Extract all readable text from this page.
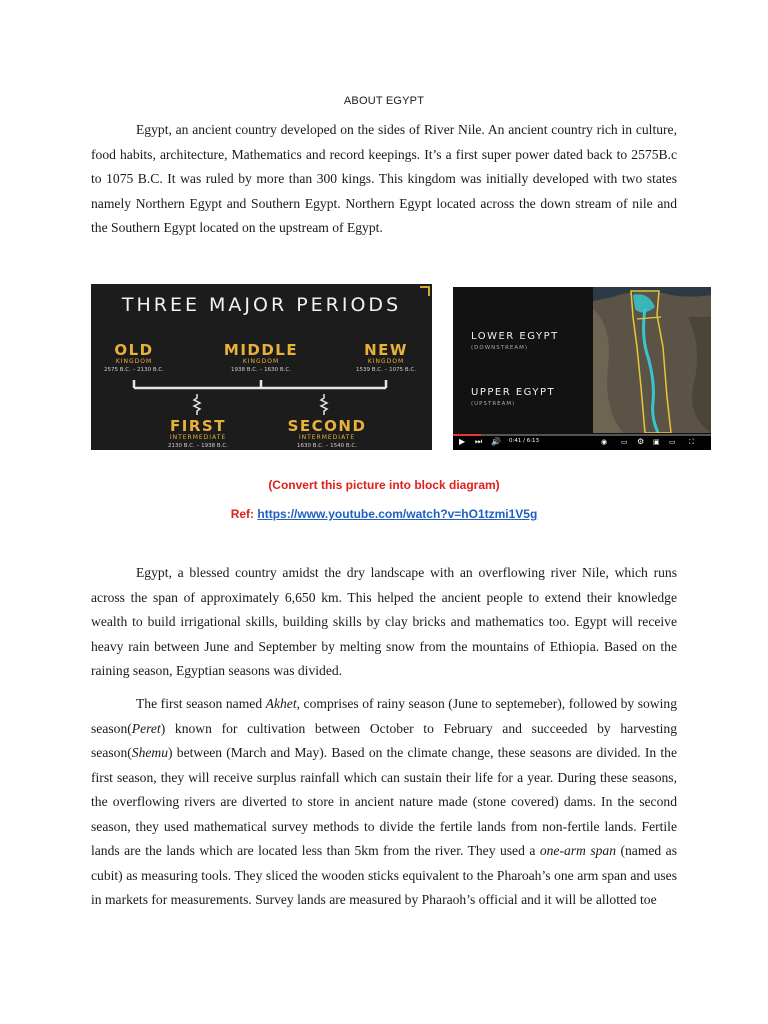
ABOUT EGYPT

Egypt, an ancient country developed on the sides of River Nile. An ancient country rich in culture, food habits, architecture, Mathematics and record keepings. It’s a first super power dated back to 2575B.c to 1075 B.C. It was ruled by more than 300 kings. This kingdom was initially developed with two states namely Northern Egypt and Southern Egypt. Northern Egypt located across the down stream of nile and the Southern Egypt located on the upstream of Egypt.

THREE MAJOR PERIODS
OLD
KINGDOM
2575 B.C. – 2130 B.C.
MIDDLE
KINGDOM
1938 B.C. – 1630 B.C.
NEW
KINGDOM
1539 B.C. – 1075 B.C.
FIRST
INTERMEDIATE
2130 B.C. – 1938 B.C.
SECOND
INTERMEDIATE
1630 B.C. – 1540 B.C.
LOWER EGYPT
(DOWNSTREAM)
UPPER EGYPT
(UPSTREAM)
▶ ⏭ 🔊 0:41 / 6:13	◉ ▭ ⚙ ▣ ▭ ⛶
(Convert this picture into block diagram)
Ref: https://www.youtube.com/watch?v=hO1tzmi1V5g

Egypt, a blessed country amidst the dry landscape with an overflowing river Nile, which runs across the span of approximately 6,650 km. This helped the ancient people to extend their knowledge wealth to build irrigational skills, building skills by clay bricks and mathematics too. Egypt will receive heavy rain between June and September by melting snow from the mountains of Ethiopia. Based on the raining season, Egyptian seasons was divided.

The first season named Akhet, comprises of rainy season (June to septemeber), followed by sowing season(Peret) known for cultivation between October to February and succeeded by harvesting season(Shemu) between (March and May). Based on the climate change, these seasons are divided. In the first season, they will receive surplus rainfall which can sustain their life for a year. During these seasons, the overflowing rivers are diverted to store in ancient nature made (stone covered) dams. In the second season, they used mathematical survey methods to divide the fertile lands from non-fertile lands. Fertile lands are the lands which are located less than 5km from the river. They used a one-arm span (named as cubit) as measuring tools. They sliced the wooden sticks equivalent to the Pharoah’s one arm span and uses in markets for measurements. Survey lands are measured by Pharaoh’s official and it will be allotted toe
